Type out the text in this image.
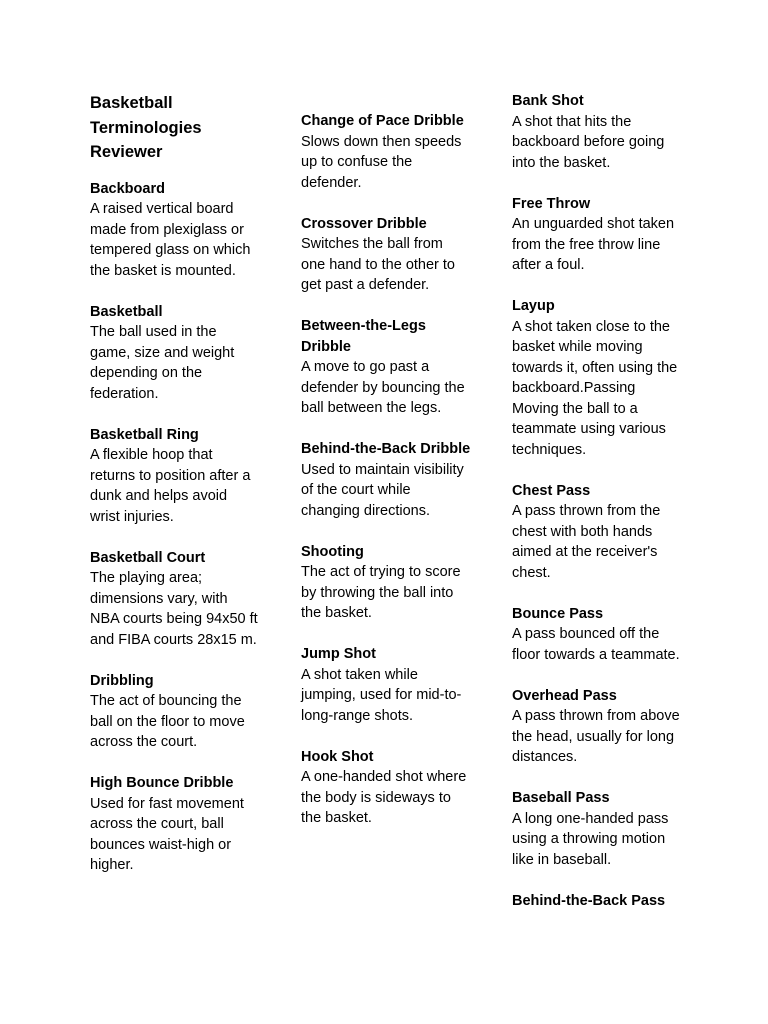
Basketball Terminologies Reviewer
Backboard
A raised vertical board made from plexiglass or tempered glass on which the basket is mounted.
Basketball
The ball used in the game, size and weight depending on the federation.
Basketball Ring
A flexible hoop that returns to position after a dunk and helps avoid wrist injuries.
Basketball Court
The playing area; dimensions vary, with NBA courts being 94x50 ft and FIBA courts 28x15 m.
Dribbling
The act of bouncing the ball on the floor to move across the court.
High Bounce Dribble
Used for fast movement across the court, ball bounces waist-high or higher.
Change of Pace Dribble
Slows down then speeds up to confuse the defender.
Crossover Dribble
Switches the ball from one hand to the other to get past a defender.
Between-the-Legs Dribble
A move to go past a defender by bouncing the ball between the legs.
Behind-the-Back Dribble
Used to maintain visibility of the court while changing directions.
Shooting
The act of trying to score by throwing the ball into the basket.
Jump Shot
A shot taken while jumping, used for mid-to-long-range shots.
Hook Shot
A one-handed shot where the body is sideways to the basket.
Bank Shot
A shot that hits the backboard before going into the basket.
Free Throw
An unguarded shot taken from the free throw line after a foul.
Layup
A shot taken close to the basket while moving towards it, often using the backboard.Passing Moving the ball to a teammate using various techniques.
Chest Pass
A pass thrown from the chest with both hands aimed at the receiver's chest.
Bounce Pass
A pass bounced off the floor towards a teammate.
Overhead Pass
A pass thrown from above the head, usually for long distances.
Baseball Pass
A long one-handed pass using a throwing motion like in baseball.
Behind-the-Back Pass
